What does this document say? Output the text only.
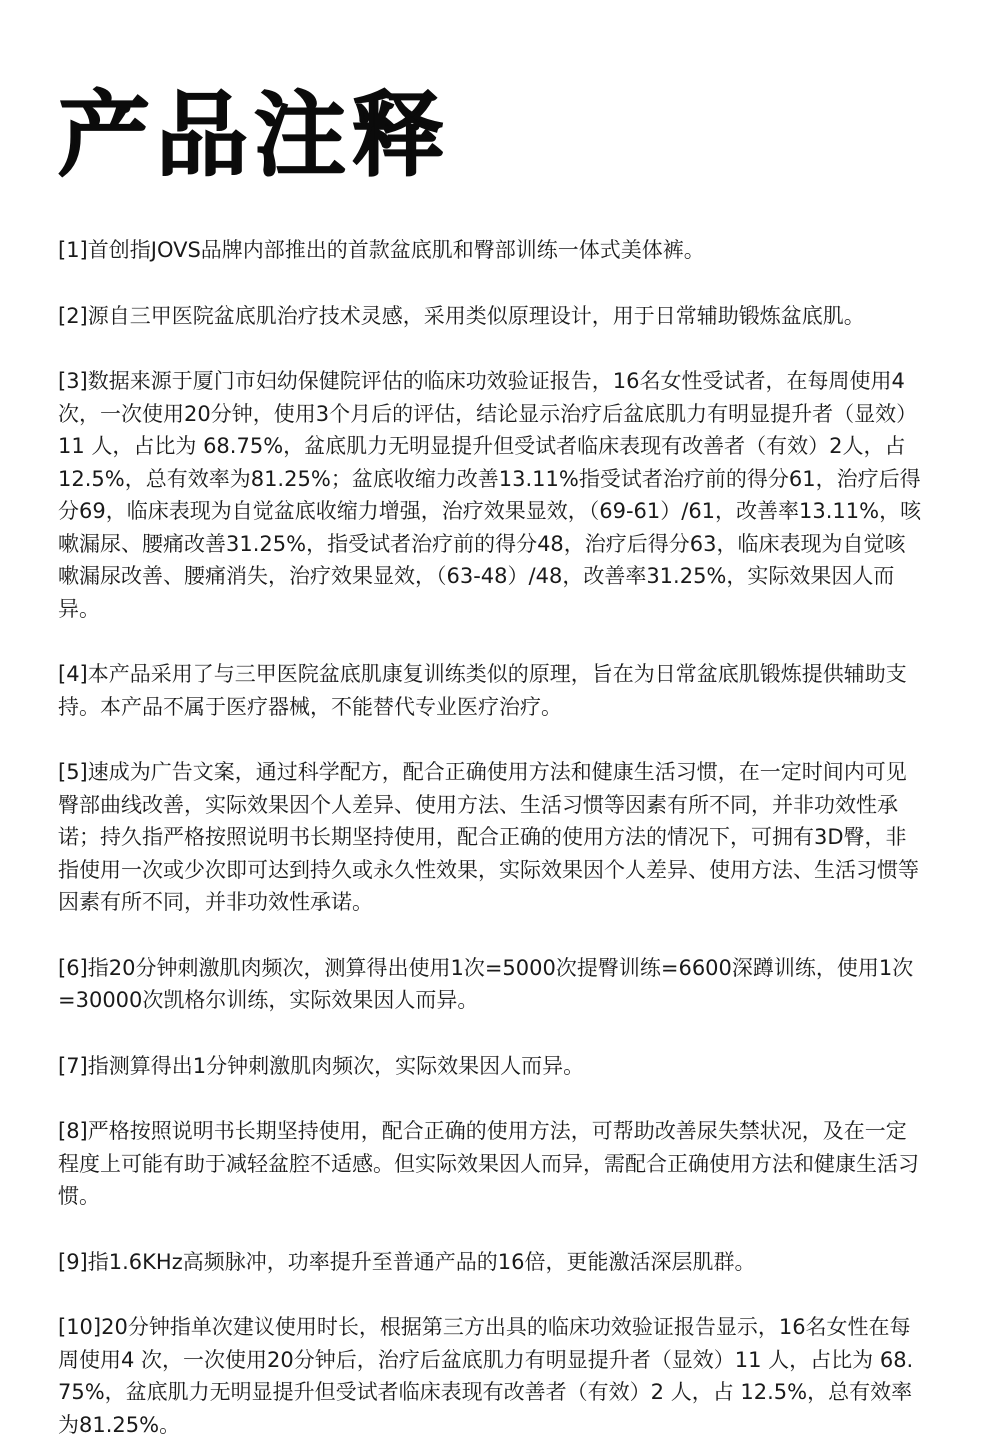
产品注释

[1]首创指JOVS品牌内部推出的首款盆底肌和臀部训练一体式美体裤。

[2]源自三甲医院盆底肌治疗技术灵感，采用类似原理设计，用于日常辅助锻炼盆底肌。

[3]数据来源于厦门市妇幼保健院评估的临床功效验证报告，16名女性受试者，在每周使用4次，一次使用20分钟，使用3个月后的评估，结论显示治疗后盆底肌力有明显提升者（显效）11 人，占比为 68.75%，盆底肌力无明显提升但受试者临床表现有改善者（有效）2人，占 12.5%，总有效率为81.25%；盆底收缩力改善13.11%指受试者治疗前的得分61，治疗后得分69，临床表现为自觉盆底收缩力增强，治疗效果显效，（69-61）/61，改善率13.11%，咳嗽漏尿、腰痛改善31.25%，指受试者治疗前的得分48，治疗后得分63，临床表现为自觉咳嗽漏尿改善、腰痛消失，治疗效果显效，（63-48）/48，改善率31.25%，实际效果因人而异。

[4]本产品采用了与三甲医院盆底肌康复训练类似的原理，旨在为日常盆底肌锻炼提供辅助支持。本产品不属于医疗器械，不能替代专业医疗治疗。

[5]速成为广告文案，通过科学配方，配合正确使用方法和健康生活习惯，在一定时间内可见臀部曲线改善，实际效果因个人差异、使用方法、生活习惯等因素有所不同，并非功效性承诺；持久指严格按照说明书长期坚持使用，配合正确的使用方法的情况下，可拥有3D臀，非指使用一次或少次即可达到持久或永久性效果，实际效果因个人差异、使用方法、生活习惯等因素有所不同，并非功效性承诺。

[6]指20分钟刺激肌肉频次，测算得出使用1次=5000次提臀训练=6600深蹲训练，使用1次=30000次凯格尔训练，实际效果因人而异。

[7]指测算得出1分钟刺激肌肉频次，实际效果因人而异。

[8]严格按照说明书长期坚持使用，配合正确的使用方法，可帮助改善尿失禁状况，及在一定程度上可能有助于减轻盆腔不适感。但实际效果因人而异，需配合正确使用方法和健康生活习惯。

[9]指1.6KHz高频脉冲，功率提升至普通产品的16倍，更能激活深层肌群。

[10]20分钟指单次建议使用时长，根据第三方出具的临床功效验证报告显示，16名女性在每周使用4 次，一次使用20分钟后，治疗后盆底肌力有明显提升者（显效）11 人，占比为 68.75%，盆底肌力无明显提升但受试者临床表现有改善者（有效）2 人，占 12.5%，总有效率为81.25%。
